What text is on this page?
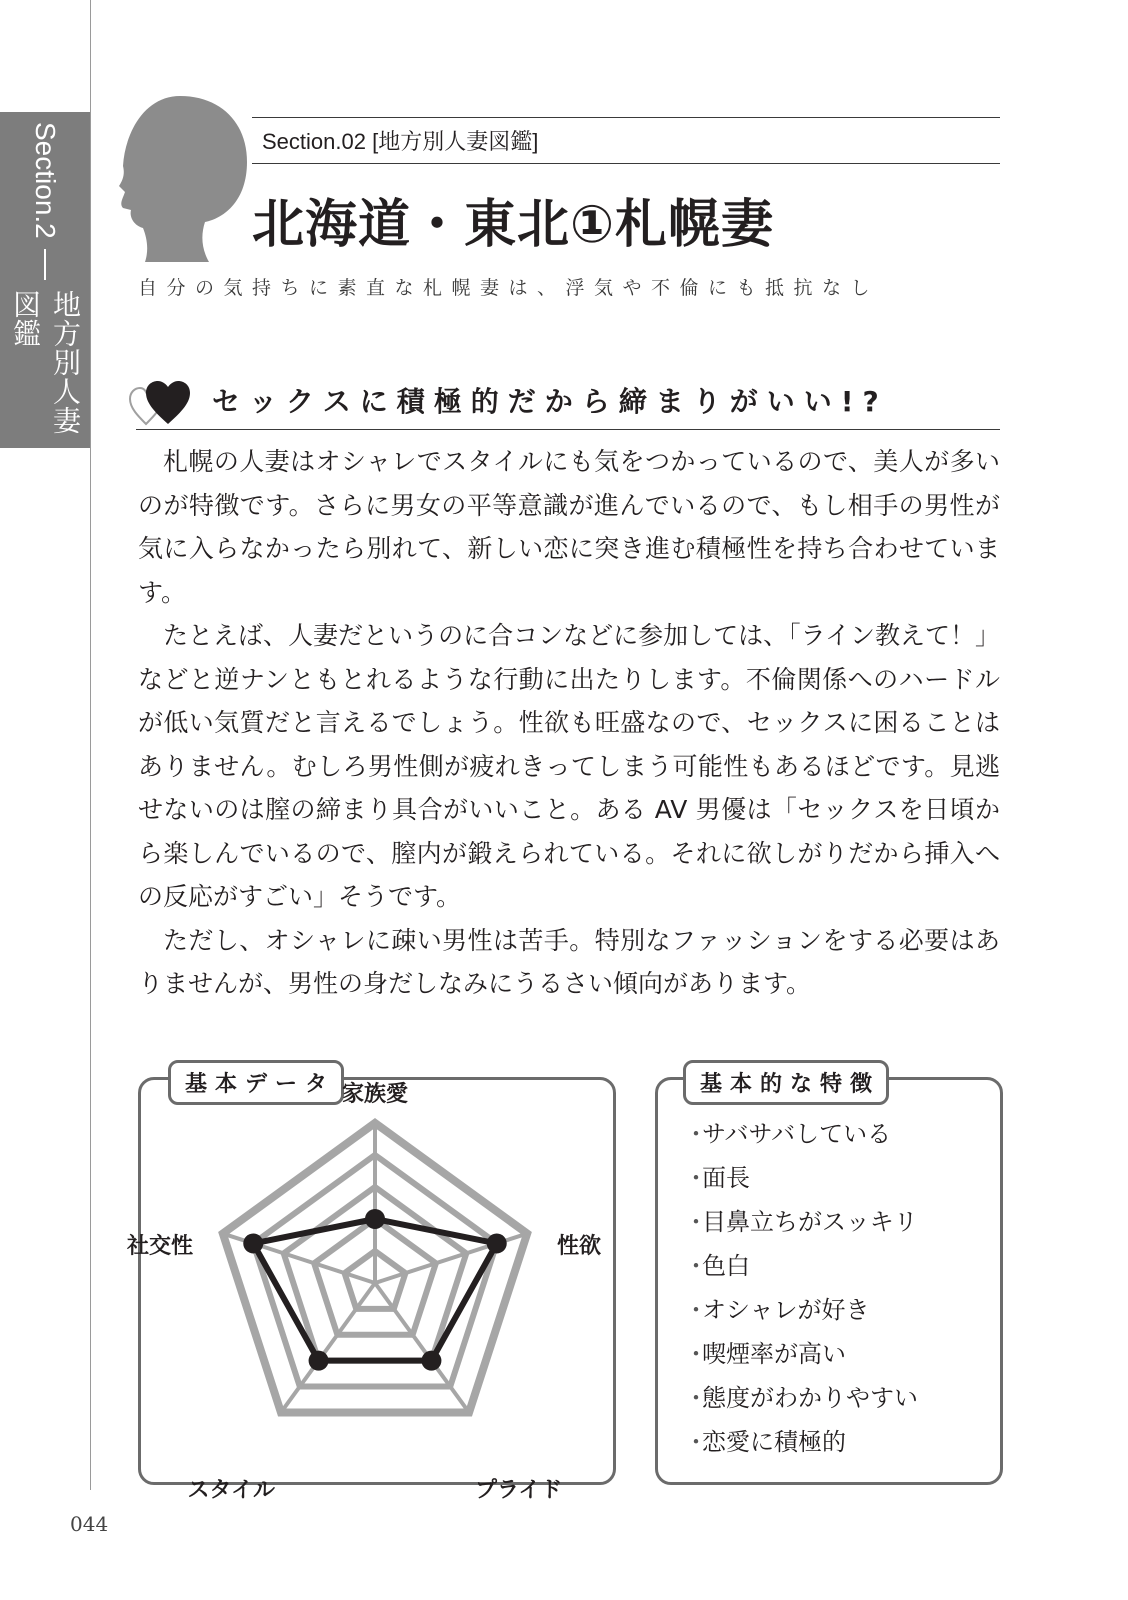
Section.2
地方別人妻図鑑
Section.02 [地方別人妻図鑑]
北海道・東北①札幌妻
自分の気持ちに素直な札幌妻は、浮気や不倫にも抵抗なし
セックスに積極的だから締まりがいい!?

札幌の人妻はオシャレでスタイルにも気をつかっているので、美人が多いのが特徴です。さらに男女の平等意識が進んでいるので、もし相手の男性が気に入らなかったら別れて、新しい恋に突き進む積極性を持ち合わせています。

たとえば、人妻だというのに合コンなどに参加しては、「ライン教えて！」などと逆ナンともとれるような行動に出たりします。不倫関係へのハードルが低い気質だと言えるでしょう。性欲も旺盛なので、セックスに困ることはありません。むしろ男性側が疲れきってしまう可能性もあるほどです。見逃せないのは膣の締まり具合がいいこと。ある AV 男優は「セックスを日頃から楽しんでいるので、膣内が鍛えられている。それに欲しがりだから挿入への反応がすごい」そうです。

ただし、オシャレに疎い男性は苦手。特別なファッションをする必要はありませんが、男性の身だしなみにうるさい傾向があります。

基本データ 家族愛
性欲
プライド
スタイル
社交性
基本的な特徴
・サバサバしている
・面長
・目鼻立ちがスッキリ
・色白
・オシャレが好き
・喫煙率が高い
・態度がわかりやすい
・恋愛に積極的
044
